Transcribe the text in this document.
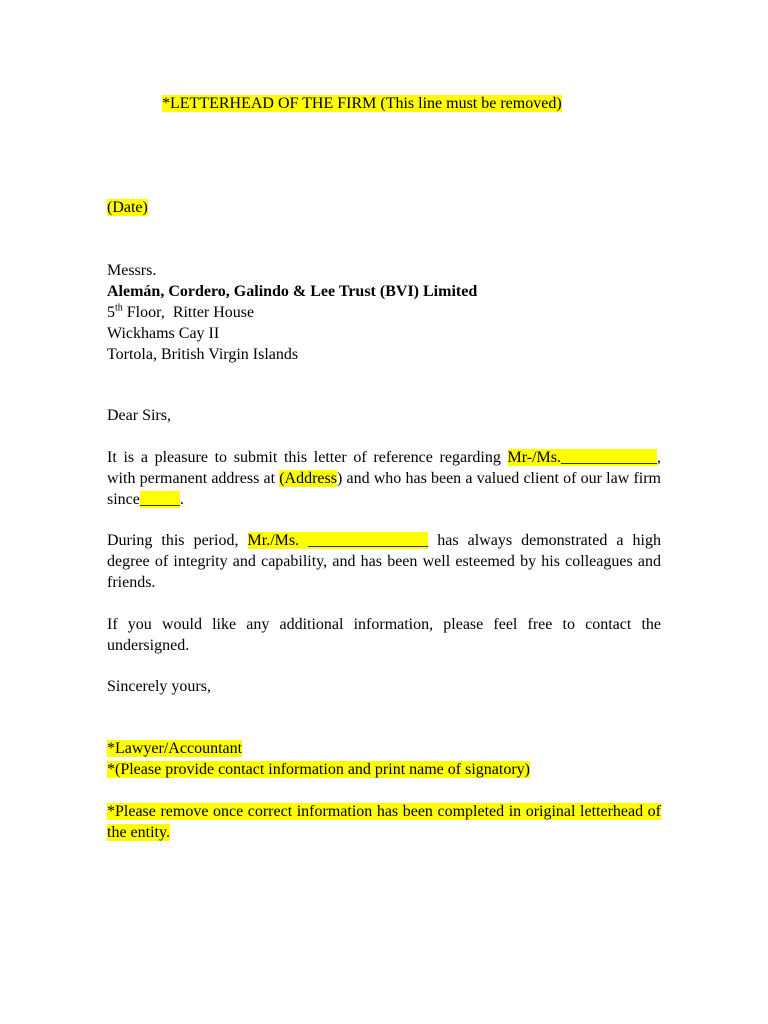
*LETTERHEAD OF THE FIRM (This line must be removed)
(Date)
Messrs.
Alemán, Cordero, Galindo & Lee Trust (BVI) Limited
5th Floor,  Ritter House
Wickhams Cay II
Tortola, British Virgin Islands
Dear Sirs,
It is a pleasure to submit this letter of reference regarding Mr-/Ms.____________, with permanent address at (Address) and who has been a valued client of our law firm since_____.
During this period, Mr./Ms. _______________ has always demonstrated a high degree of integrity and capability, and has been well esteemed by his colleagues and friends.
If you would like any additional information, please feel free to contact the undersigned.
Sincerely yours,
*Lawyer/Accountant
*(Please provide contact information and print name of signatory)
*Please remove once correct information has been completed in original letterhead of the entity.
